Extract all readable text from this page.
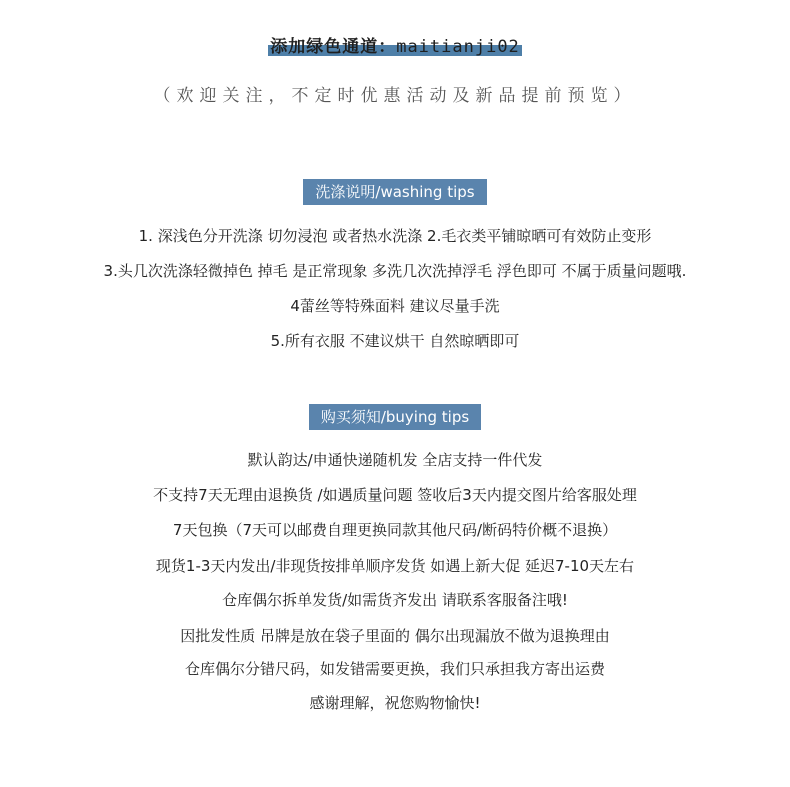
添加绿色通道：maitianji02
（欢迎关注，不定时优惠活动及新品提前预览）
洗涤说明/washing tips
1. 深浅色分开洗涤 切勿浸泡 或者热水洗涤 2.毛衣类平铺晾晒可有效防止变形
3.头几次洗涤轻微掉色 掉毛 是正常现象 多洗几次洗掉浮毛 浮色即可 不属于质量问题哦.
4蕾丝等特殊面料 建议尽量手洗
5.所有衣服 不建议烘干 自然晾晒即可
购买须知/buying tips
默认韵达/申通快递随机发 全店支持一件代发
不支持7天无理由退换货 /如遇质量问题 签收后3天内提交图片给客服处理
7天包换（7天可以邮费自理更换同款其他尺码/断码特价概不退换）
现货1-3天内发出/非现货按排单顺序发货 如遇上新大促 延迟7-10天左右
仓库偶尔拆单发货/如需货齐发出 请联系客服备注哦!
因批发性质 吊牌是放在袋子里面的 偶尔出现漏放不做为退换理由
仓库偶尔分错尺码，如发错需要更换，我们只承担我方寄出运费
感谢理解，祝您购物愉快!
